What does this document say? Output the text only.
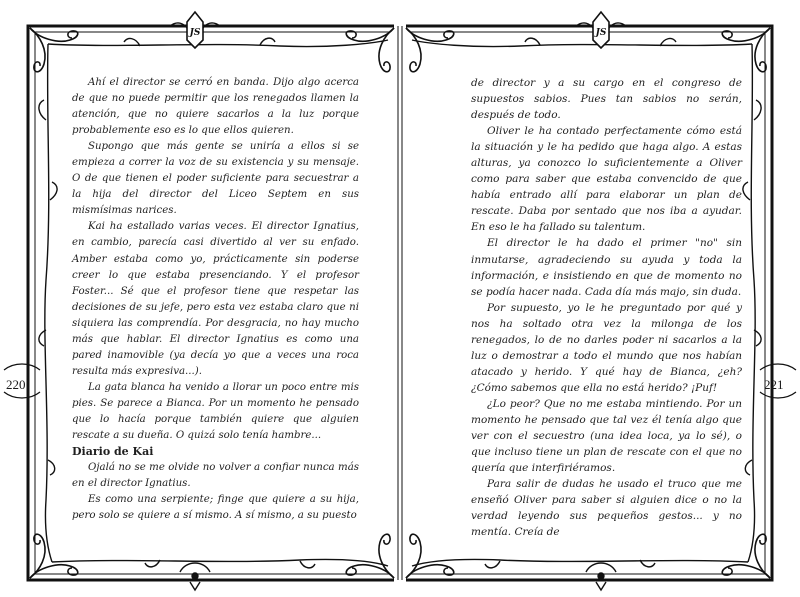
JS	JS

Ahí el director se cerró en banda. Dijo algo acerca de que no puede permitir que los renegados llamen la atención, que no quiere sacarlos a la luz porque probablemente eso es lo que ellos quieren.

Supongo que más gente se uniría a ellos si se empieza a correr la voz de su existencia y su mensaje. O de que tienen el poder suficiente para secuestrar a la hija del director del Liceo Septem en sus mismísimas narices.

Kai ha estallado varias veces. El director Ignatius, en cambio, parecía casi divertido al ver su enfado. Amber estaba como yo, prácticamente sin poderse creer lo que estaba presenciando. Y el profesor Foster... Sé que el profesor tiene que respetar las decisiones de su jefe, pero esta vez estaba claro que ni siquiera las comprendía. Por desgracia, no hay mucho más que hablar. El director Ignatius es como una pared inamovible (ya decía yo que a veces una roca resulta más expresiva...).

La gata blanca ha venido a llorar un poco entre mis pies. Se parece a Bianca. Por un momento he pensado que lo hacía porque también quiere que alguien rescate a su dueña. O quizá solo tenía hambre...

Diario de Kai

Ojalá no se me olvide no volver a confiar nunca más en el director Ignatius.

Es como una serpiente; finge que quiere a su hija, pero solo se quiere a sí mismo. A sí mismo, a su puesto

de director y a su cargo en el congreso de supuestos sabios. Pues tan sabios no serán, después de todo.

Oliver le ha contado perfectamente cómo está la situación y le ha pedido que haga algo. A estas alturas, ya conozco lo suficientemente a Oliver como para saber que estaba convencido de que había entrado allí para elaborar un plan de rescate. Daba por sentado que nos iba a ayudar. En eso le ha fallado su talentum.

El director le ha dado el primer "no" sin inmutarse, agradeciendo su ayuda y toda la información, e insistiendo en que de momento no se podía hacer nada. Cada día más majo, sin duda.

Por supuesto, yo le he preguntado por qué y nos ha soltado otra vez la milonga de los renegados, lo de no darles poder ni sacarlos a la luz o demostrar a todo el mundo que nos habían atacado y herido. Y qué hay de Bianca, ¿eh? ¿Cómo sabemos que ella no está herido? ¡Puf!

¿Lo peor? Que no me estaba mintiendo. Por un momento he pensado que tal vez él tenía algo que ver con el secuestro (una idea loca, ya lo sé), o que incluso tiene un plan de rescate con el que no quería que interfiriéramos.

Para salir de dudas he usado el truco que me enseñó Oliver para saber si alguien dice o no la verdad leyendo sus pequeños gestos... y no mentía. Creía de

220	221
